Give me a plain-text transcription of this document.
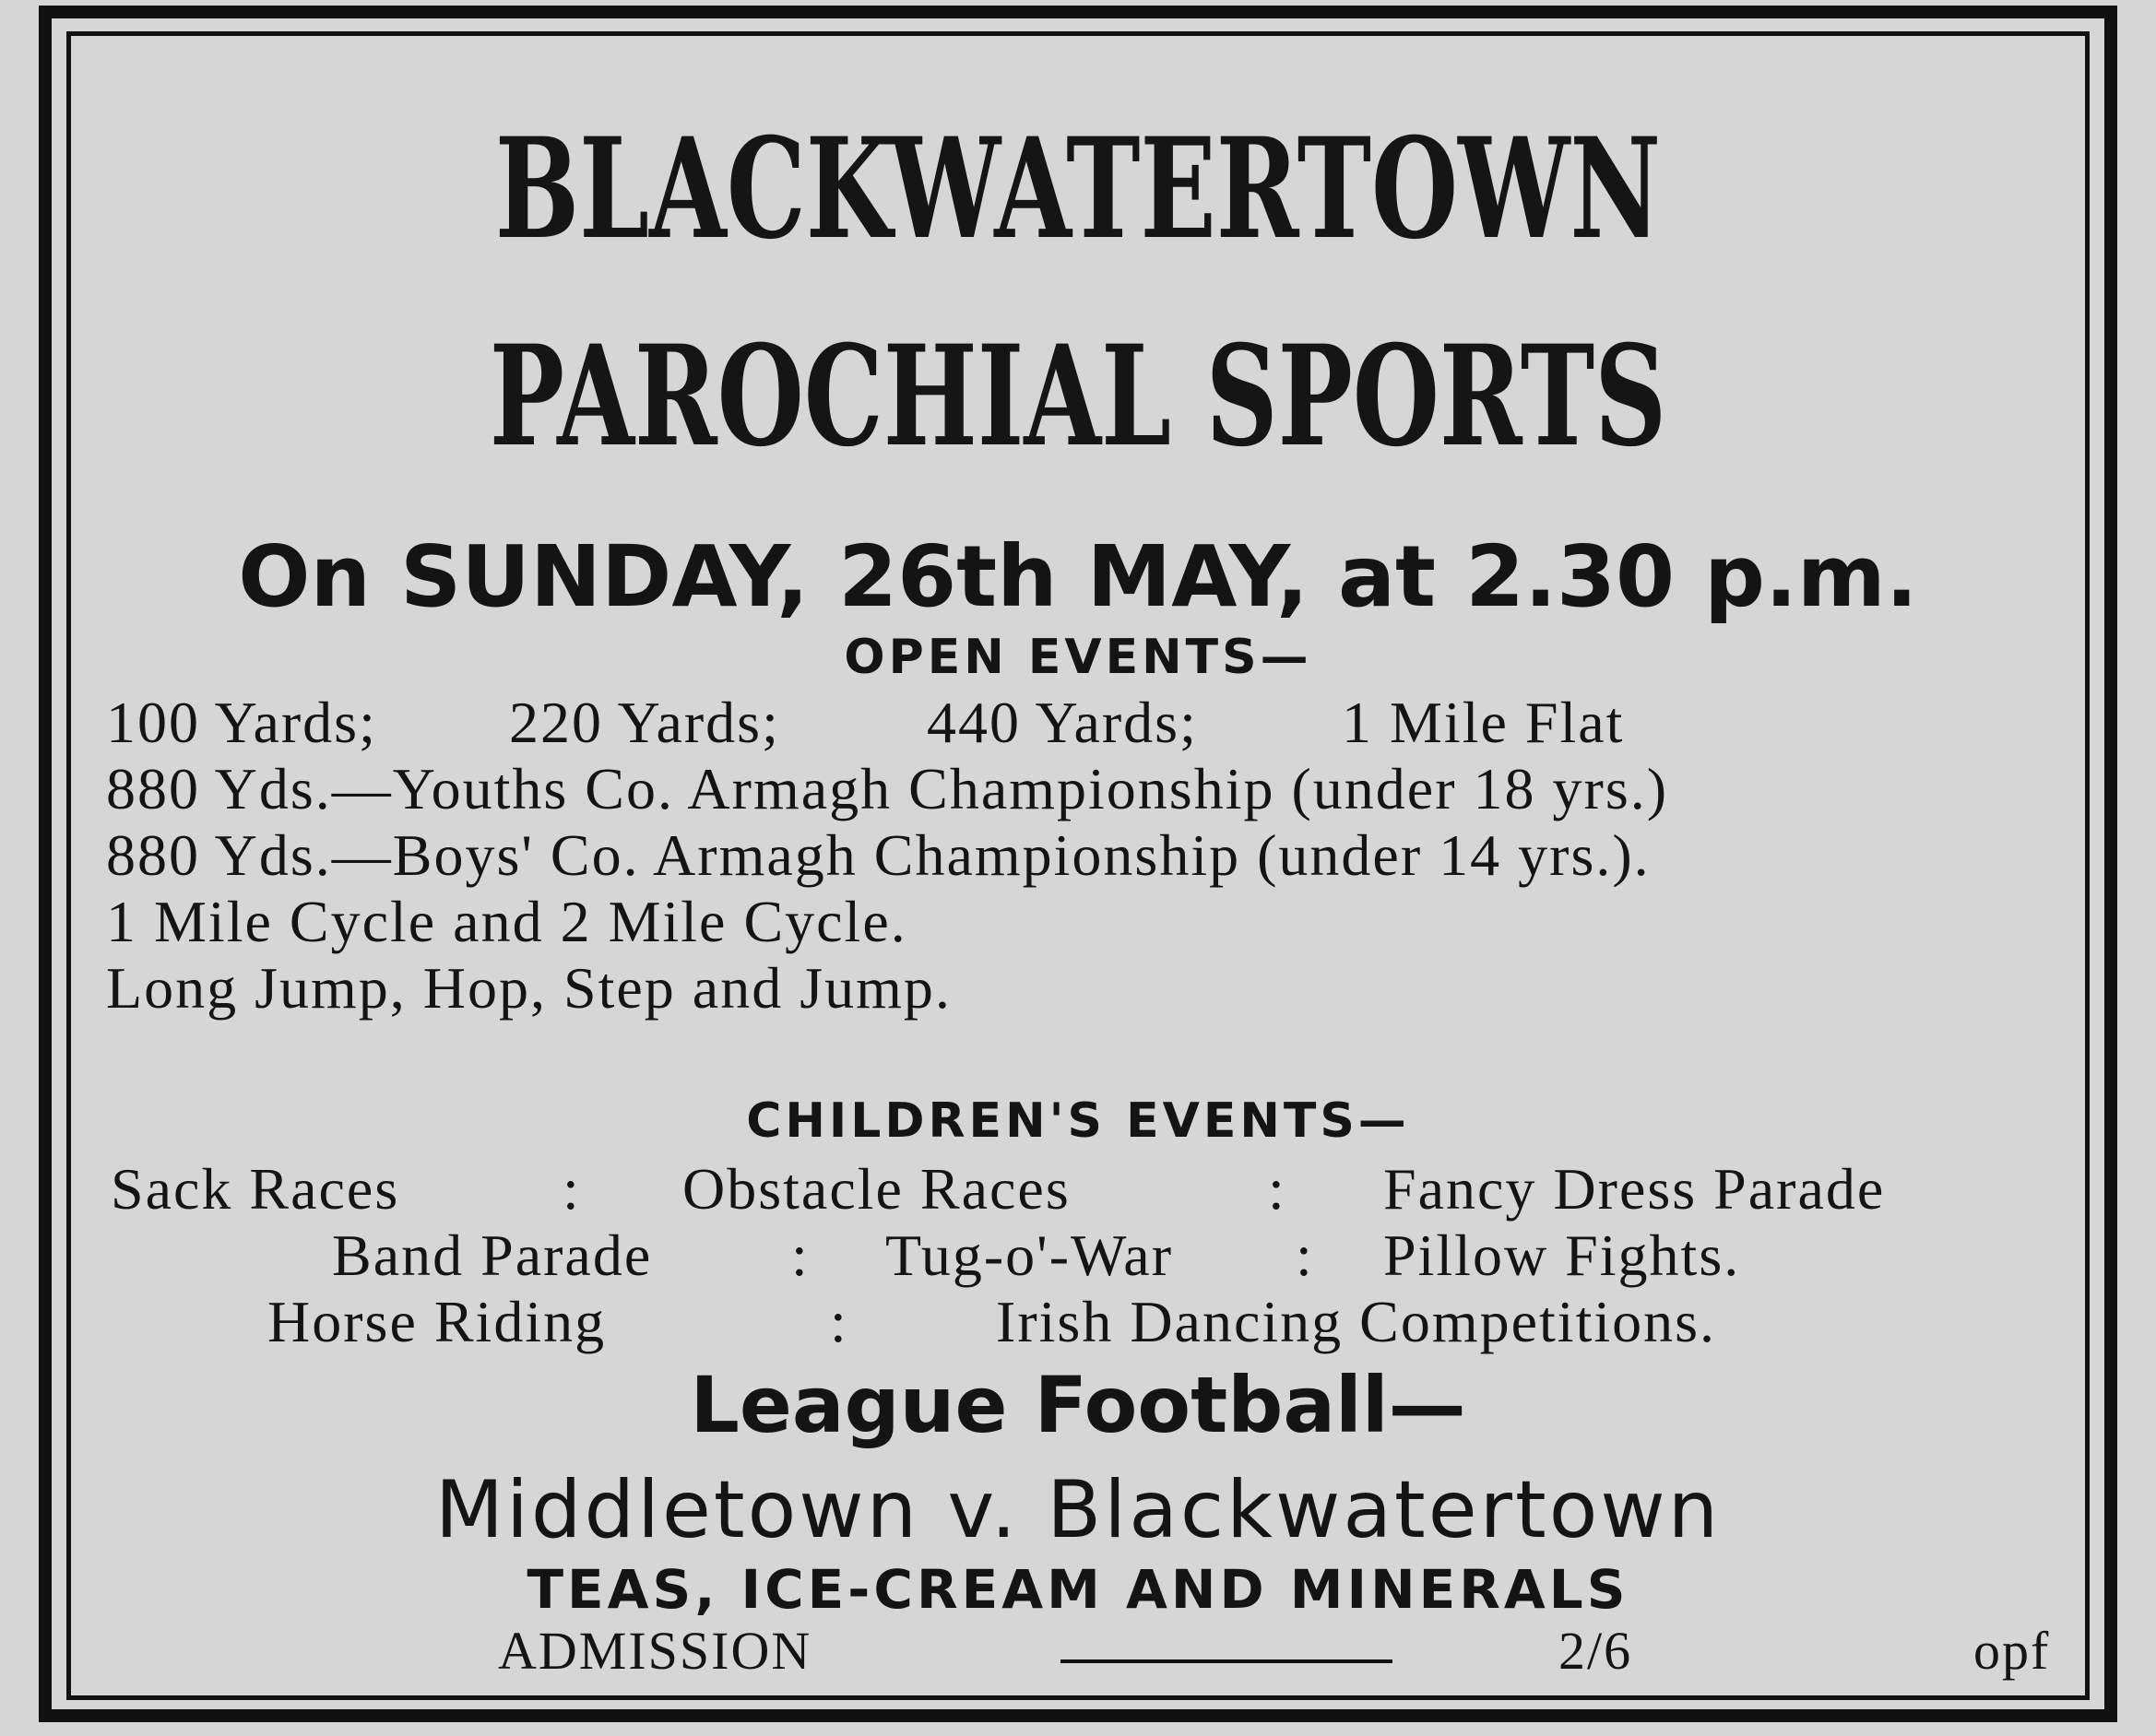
BLACKWATERTOWN
PAROCHIAL SPORTS
On SUNDAY, 26th MAY, at 2.30 p.m.
OPEN EVENTS—
100 Yards; 220 Yards; 440 Yards; 1 Mile Flat
880 Yds.—Youths Co. Armagh Championship (under 18 yrs.)
880 Yds.—Boys' Co. Armagh Championship (under 14 yrs.).
1 Mile Cycle and 2 Mile Cycle.
Long Jump, Hop, Step and Jump.
CHILDREN'S EVENTS—
Sack Races	: Obstacle Races	: Fancy Dress Parade
Band Parade : Tug-o'-War : Pillow Fights.
Horse Riding	:	Irish Dancing Competitions.
League Football—
Middletown v. Blackwatertown
TEAS, ICE-CREAM AND MINERALS
ADMISSION	2/6	opf
